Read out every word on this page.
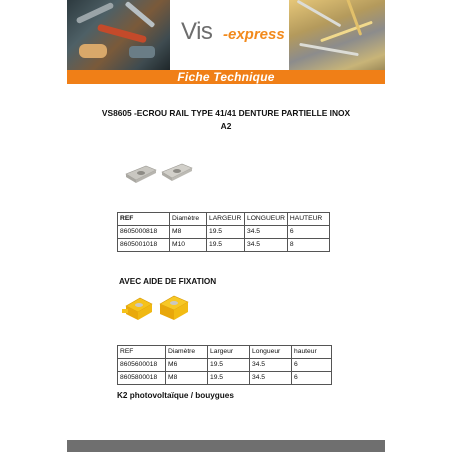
Vis -express
Fiche Technique
VS8605 -ECROU RAIL TYPE 41/41 DENTURE PARTIELLE INOX A2
REF	Diamètre	LARGEUR	LONGUEUR	HAUTEUR
8605000818	M8	19.5	34.5	6
8605001018	M10	19.5	34.5	8
AVEC AIDE DE FIXATION
REF	Diamètre	Largeur	Longueur	hauteur
8605600018	M6	19.5	34.5	6
8605800018	M8	19.5	34.5	6
K2 photovoltaïque / bouygues
